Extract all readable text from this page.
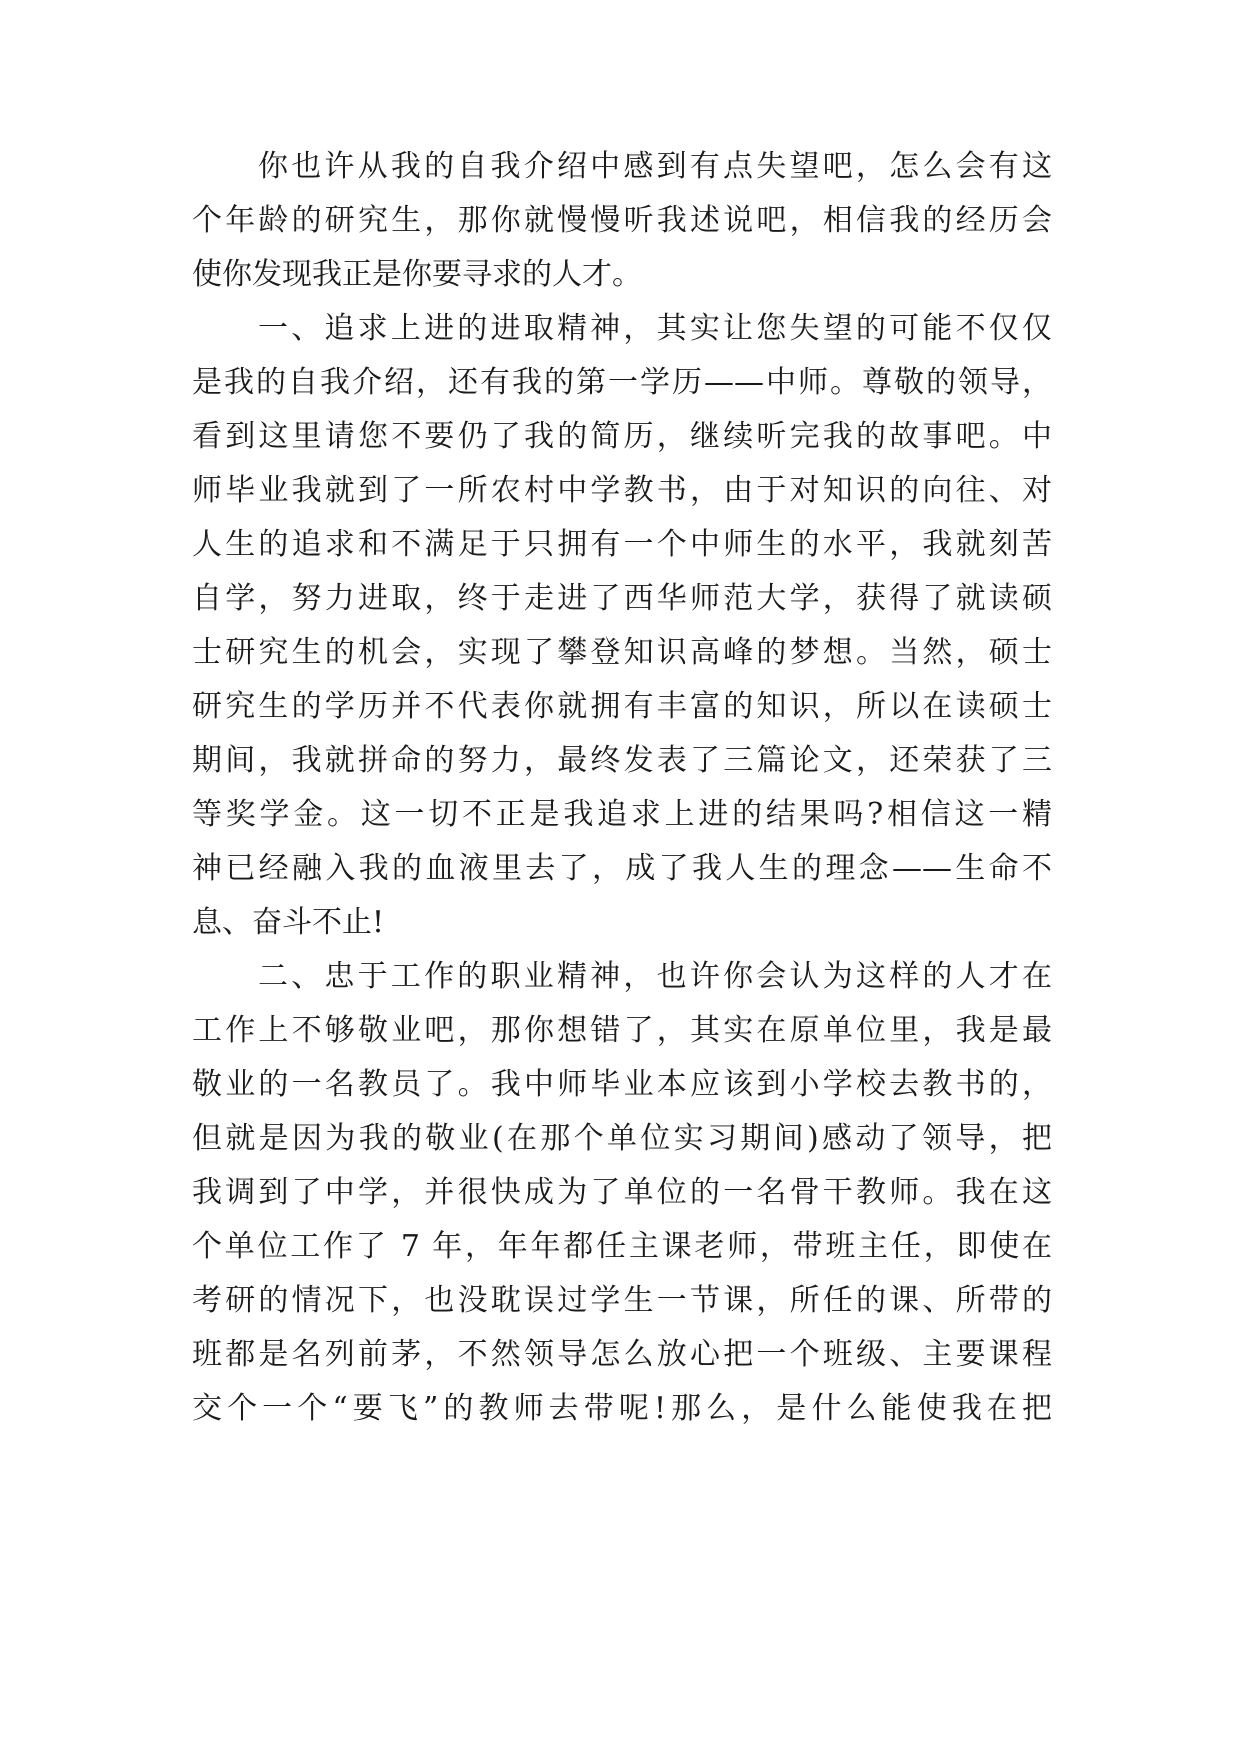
你也许从我的自我介绍中感到有点失望吧，怎么会有这
个年龄的研究生，那你就慢慢听我述说吧，相信我的经历会
使你发现我正是你要寻求的人才。
一、追求上进的进取精神，其实让您失望的可能不仅仅
是我的自我介绍，还有我的第一学历——中师。尊敬的领导，
看到这里请您不要仍了我的简历，继续听完我的故事吧。中
师毕业我就到了一所农村中学教书，由于对知识的向往、对
人生的追求和不满足于只拥有一个中师生的水平，我就刻苦
自学，努力进取，终于走进了西华师范大学，获得了就读硕
士研究生的机会，实现了攀登知识高峰的梦想。当然，硕士
研究生的学历并不代表你就拥有丰富的知识，所以在读硕士
期间，我就拼命的努力，最终发表了三篇论文，还荣获了三
等奖学金。这一切不正是我追求上进的结果吗?相信这一精
神已经融入我的血液里去了，成了我人生的理念——生命不
息、奋斗不止!
二、忠于工作的职业精神，也许你会认为这样的人才在
工作上不够敬业吧，那你想错了，其实在原单位里，我是最
敬业的一名教员了。我中师毕业本应该到小学校去教书的，
但就是因为我的敬业(在那个单位实习期间)感动了领导，把
我调到了中学，并很快成为了单位的一名骨干教师。我在这
个单位工作了 7 年，年年都任主课老师，带班主任，即使在
考研的情况下，也没耽误过学生一节课，所任的课、所带的
班都是名列前茅，不然领导怎么放心把一个班级、主要课程
交个一个“要飞”的教师去带呢!那么，是什么能使我在把
